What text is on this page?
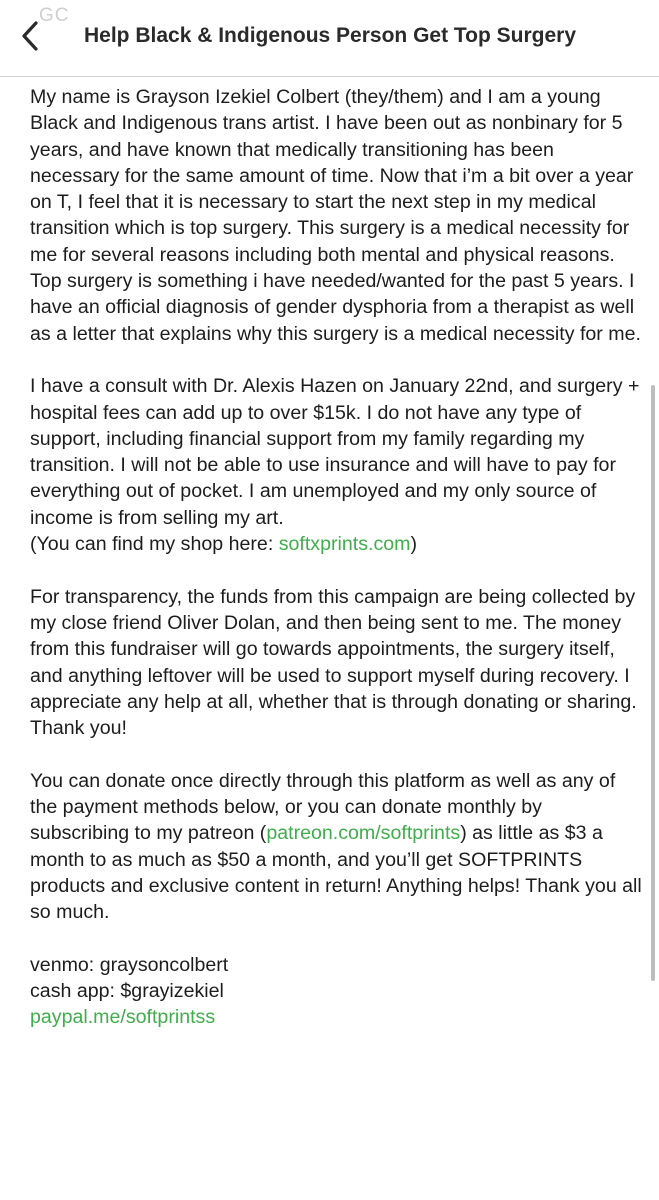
GC
Help Black & Indigenous Person Get Top Surgery

My name is Grayson Izekiel Colbert (they/them) and I am a young Black and Indigenous trans artist. I have been out as nonbinary for 5 years, and have known that medically transitioning has been necessary for the same amount of time. Now that i’m a bit over a year on T, I feel that it is necessary to start the next step in my medical transition which is top surgery. This surgery is a medical necessity for me for several reasons including both mental and physical reasons. Top surgery is something i have needed/wanted for the past 5 years. I have an official diagnosis of gender dysphoria from a therapist as well as a letter that explains why this surgery is a medical necessity for me.

I have a consult with Dr. Alexis Hazen on January 22nd, and surgery + hospital fees can add up to over $15k. I do not have any type of support, including financial support from my family regarding my transition. I will not be able to use insurance and will have to pay for everything out of pocket. I am unemployed and my only source of income is from selling my art.
(You can find my shop here: softxprints.com)

For transparency, the funds from this campaign are being collected by my close friend Oliver Dolan, and then being sent to me. The money from this fundraiser will go towards appointments, the surgery itself, and anything leftover will be used to support myself during recovery. I appreciate any help at all, whether that is through donating or sharing. Thank you!

You can donate once directly through this platform as well as any of the payment methods below, or you can donate monthly by subscribing to my patreon (patreon.com/softprints) as little as $3 a month to as much as $50 a month, and you’ll get SOFTPRINTS products and exclusive content in return! Anything helps! Thank you all so much.

venmo: graysoncolbert
cash app: $grayizekiel
paypal.me/softprintss
